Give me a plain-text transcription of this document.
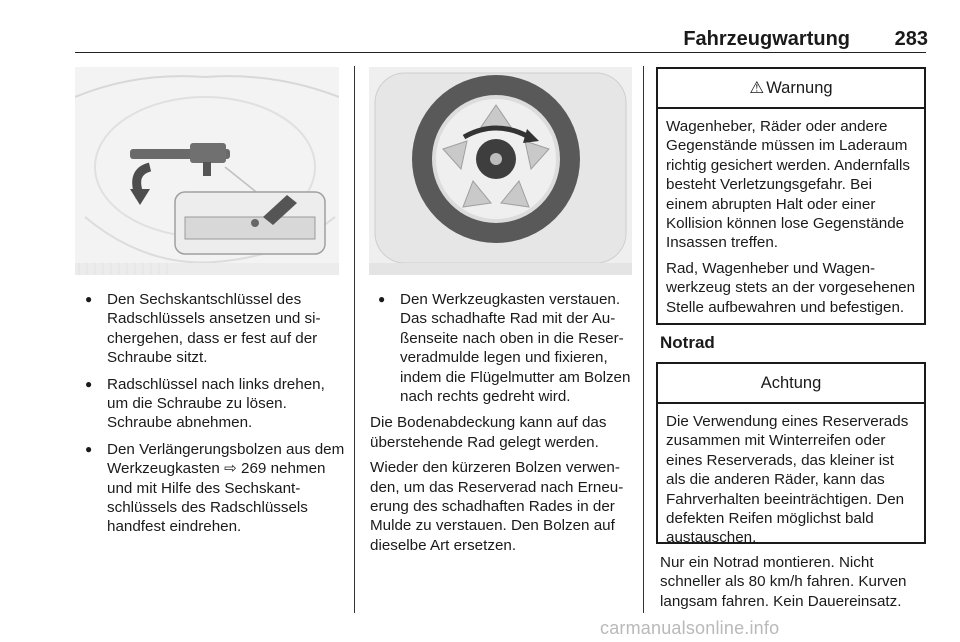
Fahrzeugwartung	283
● Den Sechskantschlüssel des Radschlüssels ansetzen und sichergehen, dass er fest auf der Schraube sitzt.
● Radschlüssel nach links drehen, um die Schraube zu lösen. Schraube abnehmen.
● Den Verlängerungsbolzen aus dem Werkzeugkasten ⇨ 269 nehmen und mit Hilfe des Sechskantschlüssels des Radschlüssels handfest eindrehen.
● Den Werkzeugkasten verstauen. Das schadhafte Rad mit der Außenseite nach oben in die Reserveradmulde legen und fixieren, indem die Flügelmutter am Bolzen nach rechts gedreht wird.

Die Bodenabdeckung kann auf das überstehende Rad gelegt werden.

Wieder den kürzeren Bolzen verwenden, um das Reserverad nach Erneuerung des schadhaften Rades in der Mulde zu verstauen. Den Bolzen auf dieselbe Art ersetzen.

⚠ Warnung

Wagenheber, Räder oder andere Gegenstände müssen im Laderaum richtig gesichert werden. Andernfalls besteht Verletzungsgefahr. Bei einem abrupten Halt oder einer Kollision können lose Gegenstände Insassen treffen.

Rad, Wagenheber und Wagenwerkzeug stets an der vorgesehenen Stelle aufbewahren und befestigen.

Notrad
Achtung

Die Verwendung eines Reserverads zusammen mit Winterreifen oder eines Reserverads, das kleiner ist als die anderen Räder, kann das Fahrverhalten beeinträchtigen. Den defekten Reifen möglichst bald austauschen.

Nur ein Notrad montieren. Nicht schneller als 80 km/h fahren. Kurven langsam fahren. Kein Dauereinsatz.

carmanualsonline.info
